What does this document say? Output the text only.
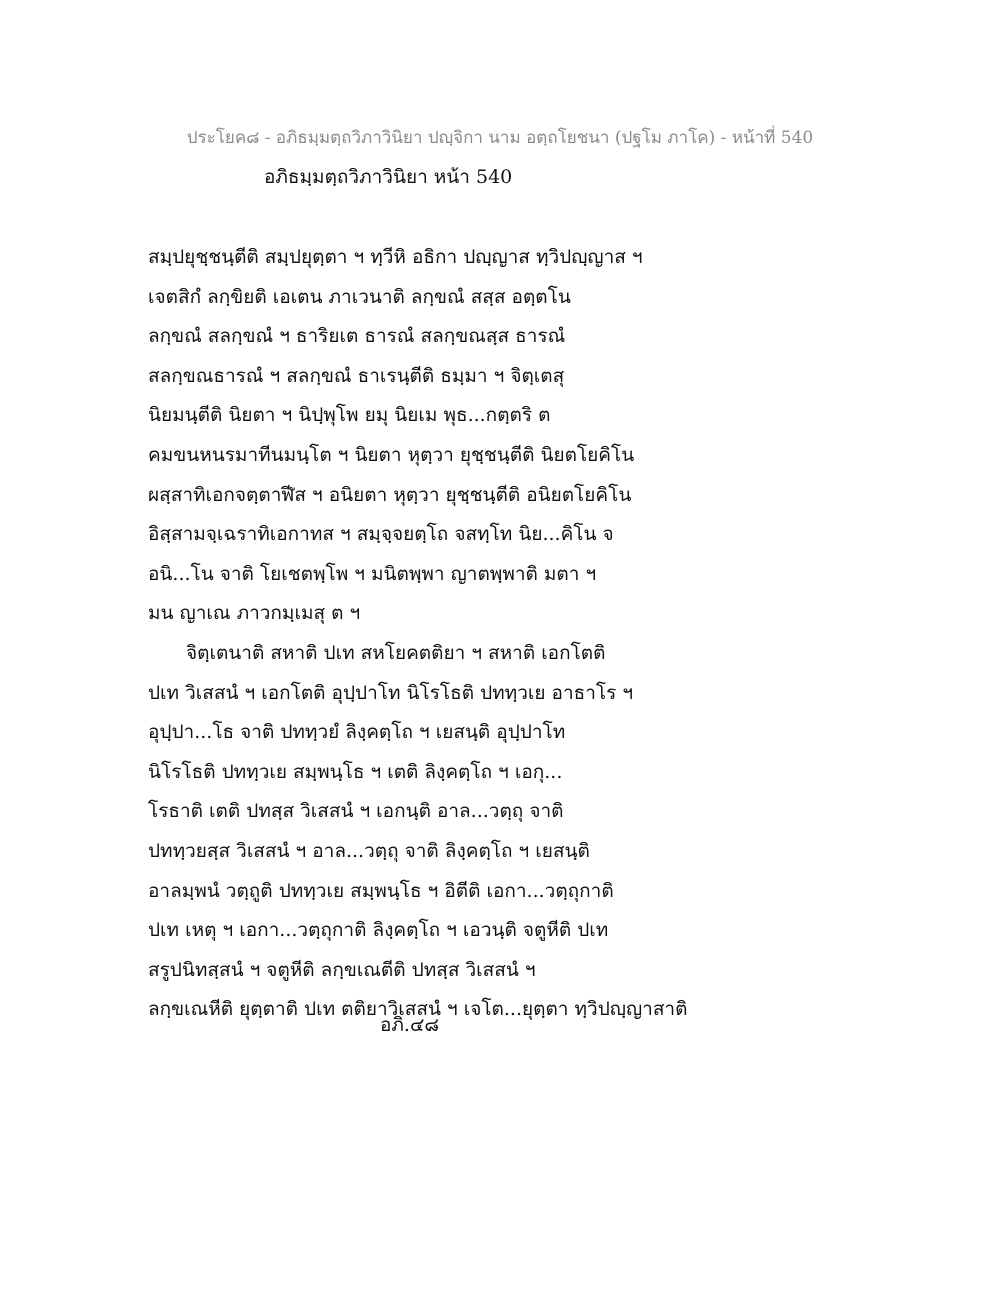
ประโยค๘ - อภิธมฺมตฺถวิภาวินิยา ปญฺจิกา นาม อตฺถโยชนา (ปฐโม ภาโค) - หน้าที่ 540
อภิธมฺมตฺถวิภาวินิยา หน้า 540
สมฺปยุชฺชนฺตีติ สมฺปยุตฺตา ฯ ทฺวีหิ อธิกา ปญฺญาส ทฺวิปญฺญาส ฯ
เจตสิกํ ลกฺขิยติ เอเตน ภาเวนาติ ลกฺขณํ สสฺส อตฺตโน
ลกฺขณํ สลกฺขณํ ฯ ธาริยเต ธารณํ สลกฺขณสฺส ธารณํ
สลกฺขณธารณํ ฯ สลกฺขณํ ธาเรนฺตีติ ธมฺมา ฯ จิตฺเตสุ
นิยมนฺตีติ นิยตา ฯ นิปฺพุโพ ยมุ นิยเม พุธ...กตฺตริ ต
คมขนหนรมาทีนมนฺโต ฯ นิยตา หุตฺวา ยุชฺชนฺตีติ นิยตโยคิโน
ผสฺสาทิเอกจตฺตาฬีส ฯ อนิยตา หุตฺวา ยุชฺชนฺตีติ อนิยตโยคิโน
อิสฺสามจฺเฉราทิเอกาทส ฯ สมฺจฺจยตฺโถ จสทฺโท นิย...คิโน จ
อนิ...โน จาติ โยเชตพฺโพ ฯ มนิตพฺพา ญาตพฺพาติ มตา ฯ
มน ญาเณ ภาวกมฺเมสุ ต ฯ
จิตฺเตนาติ สหาติ ปเท สหโยคตติยา ฯ สหาติ เอกโตติ
ปเท วิเสสนํ ฯ เอกโตติ อุปฺปาโท นิโรโธติ ปททฺวเย อาธาโร ฯ
อุปฺปา...โธ จาติ ปททฺวยํ ลิงฺคตฺโถ ฯ เยสนฺติ อุปฺปาโท
นิโรโธติ ปททฺวเย สมฺพนฺโธ ฯ เตติ ลิงฺคตฺโถ ฯ เอกุ...
โรธาติ เตติ ปทสฺส วิเสสนํ ฯ เอกนฺติ อาล...วตฺถุ จาติ
ปททฺวยสฺส วิเสสนํ ฯ อาล...วตฺถุ จาติ ลิงฺคตฺโถ ฯ เยสนฺติ
อาลมฺพนํ วตฺถูติ ปททฺวเย สมฺพนฺโธ ฯ อิตีติ เอกา...วตฺถุกาติ
ปเท เหตุ ฯ เอกา...วตฺถุกาติ ลิงฺคตฺโถ ฯ เอวนฺติ จตูหีติ ปเท
สรูปนิทสฺสนํ ฯ จตูหีติ ลกฺขเณตีติ ปทสฺส วิเสสนํ ฯ
ลกฺขเณหีติ ยุตฺตาติ ปเท ตติยาวิเสสนํ ฯ เจโต...ยุตฺตา ทฺวิปญฺญาสาติ
อภิ.๔๘
